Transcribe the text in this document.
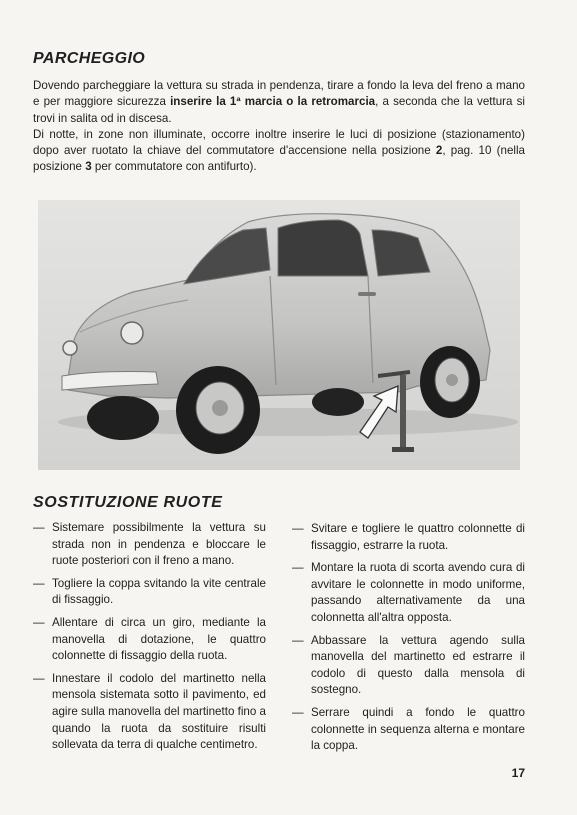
PARCHEGGIO

Dovendo parcheggiare la vettura su strada in pendenza, tirare a fondo la leva del freno a mano e per maggiore sicurezza inserire la 1ª marcia o la retromarcia, a seconda che la vettura si trovi in salita od in discesa.

Di notte, in zone non illuminate, occorre inoltre inserire le luci di posizione (stazionamento) dopo aver ruotato la chiave del commutatore d'accensione nella posizione 2, pag. 10 (nella posizione 3 per commutatore con antifurto).

SOSTITUZIONE RUOTE
— Sistemare possibilmente la vettura su strada non in pendenza e bloccare le ruote posteriori con il freno a mano.
— Togliere la coppa svitando la vite centrale di fissaggio.
— Allentare di circa un giro, mediante la manovella di dotazione, le quattro colonnette di fissaggio della ruota.
— Innestare il codolo del martinetto nella mensola sistemata sotto il pavimento, ed agire sulla manovella del martinetto fino a quando la ruota da sostituire risulti sollevata da terra di qualche centimetro.
— Svitare e togliere le quattro colonnette di fissaggio, estrarre la ruota.
— Montare la ruota di scorta avendo cura di avvitare le colonnette in modo uniforme, passando alternativamente da una colonnetta all'altra opposta.
— Abbassare la vettura agendo sulla manovella del martinetto ed estrarre il codolo di questo dalla mensola di sostegno.
— Serrare quindi a fondo le quattro colonnette in sequenza alterna e montare la coppa.
17
